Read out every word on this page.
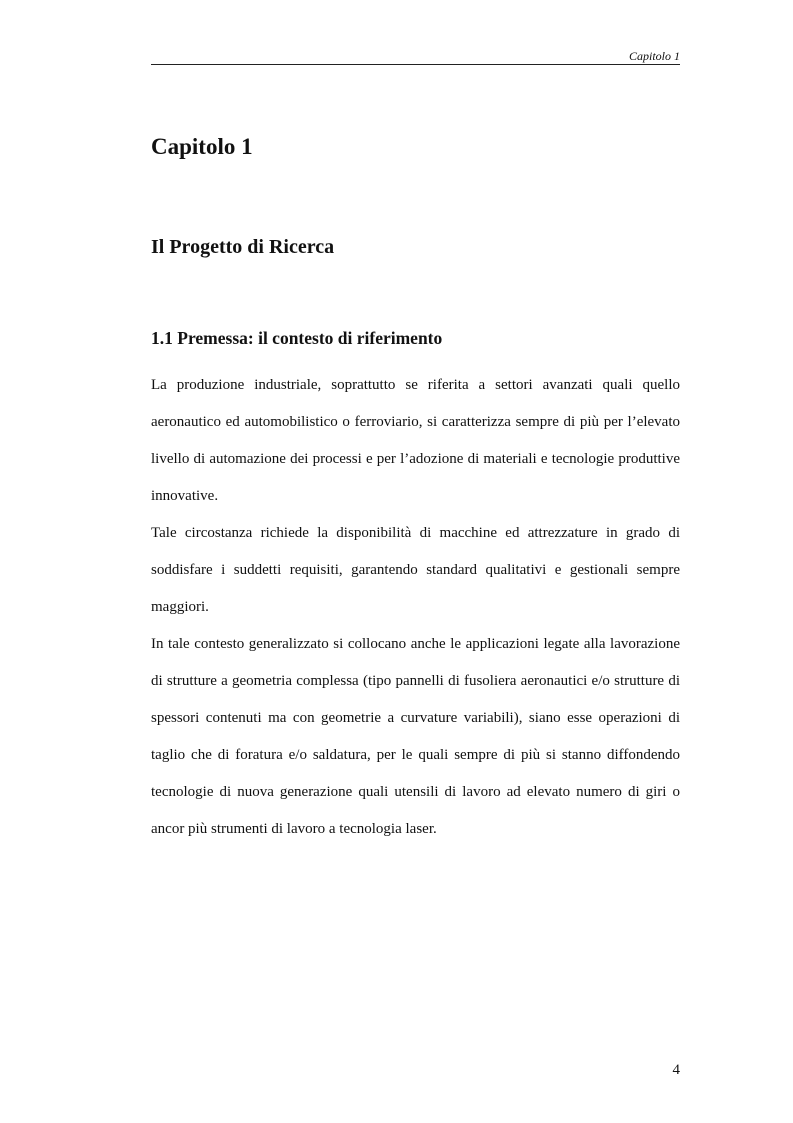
Capitolo 1
Capitolo 1
Il Progetto di Ricerca
1.1 Premessa: il contesto di riferimento

La produzione industriale, soprattutto se riferita a settori avanzati quali quello aeronautico ed automobilistico o ferroviario, si caratterizza sempre di più per l’elevato livello di automazione dei processi e per l’adozione di materiali e tecnologie produttive innovative.

Tale circostanza richiede la disponibilità di macchine ed attrezzature in grado di soddisfare i suddetti requisiti, garantendo standard qualitativi e gestionali sempre maggiori.

In tale contesto generalizzato si collocano anche le applicazioni legate alla lavorazione di strutture a geometria complessa (tipo pannelli di fusoliera aeronautici e/o strutture di spessori contenuti ma con geometrie a curvature variabili), siano esse operazioni di taglio che di foratura e/o saldatura, per le quali sempre di più si stanno diffondendo tecnologie di nuova generazione quali utensili di lavoro ad elevato numero di giri o ancor più strumenti di lavoro a tecnologia laser.

4
